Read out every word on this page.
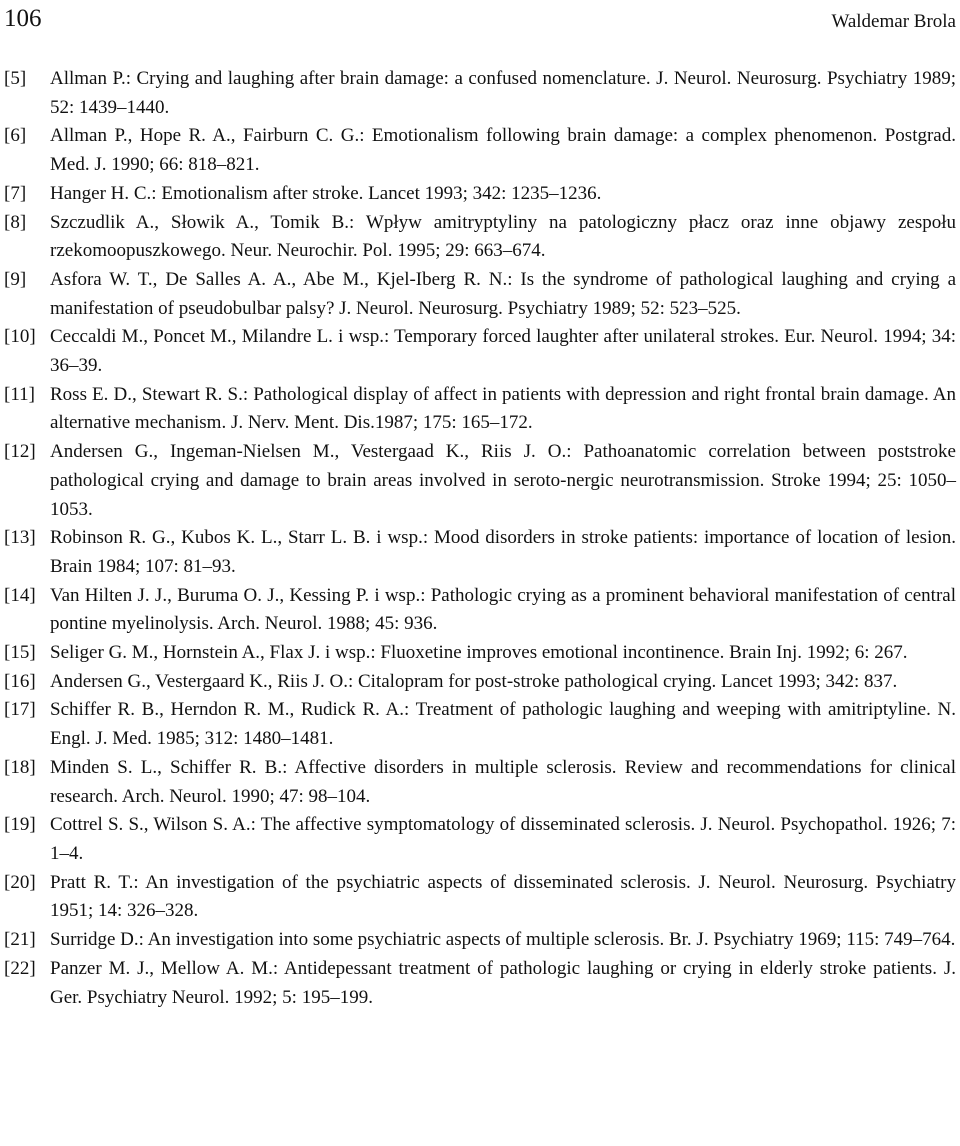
106	Waldemar Brola
[5] Allman P.: Crying and laughing after brain damage: a confused nomenclature. J. Neurol. Neurosurg. Psychiatry 1989; 52: 1439–1440.
[6] Allman P., Hope R. A., Fairburn C. G.: Emotionalism following brain damage: a complex phenomenon. Postgrad. Med. J. 1990; 66: 818–821.
[7] Hanger H. C.: Emotionalism after stroke. Lancet 1993; 342: 1235–1236.
[8] Szczudlik A., Słowik A., Tomik B.: Wpływ amitryptyliny na patologiczny płacz oraz inne objawy zespołu rzekomoopuszkowego. Neur. Neurochir. Pol. 1995; 29: 663–674.
[9] Asfora W. T., De Salles A. A., Abe M., Kjel-Iberg R. N.: Is the syndrome of pathological laughing and crying a manifestation of pseudobulbar palsy? J. Neurol. Neurosurg. Psychiatry 1989; 52: 523–525.
[10] Ceccaldi M., Poncet M., Milandre L. i wsp.: Temporary forced laughter after unilateral strokes. Eur. Neurol. 1994; 34: 36–39.
[11] Ross E. D., Stewart R. S.: Pathological display of affect in patients with depression and right frontal brain damage. An alternative mechanism. J. Nerv. Ment. Dis.1987; 175: 165–172.
[12] Andersen G., Ingeman-Nielsen M., Vestergaad K., Riis J. O.: Pathoanatomic correlation between poststroke pathological crying and damage to brain areas involved in seroto-nergic neurotransmission. Stroke 1994; 25: 1050–1053.
[13] Robinson R. G., Kubos K. L., Starr L. B. i wsp.: Mood disorders in stroke patients: importance of location of lesion. Brain 1984; 107: 81–93.
[14] Van Hilten J. J., Buruma O. J., Kessing P. i wsp.: Pathologic crying as a prominent behavioral manifestation of central pontine myelinolysis. Arch. Neurol. 1988; 45: 936.
[15] Seliger G. M., Hornstein A., Flax J. i wsp.: Fluoxetine improves emotional incontinence. Brain Inj. 1992; 6: 267.
[16] Andersen G., Vestergaard K., Riis J. O.: Citalopram for post-stroke pathological crying. Lancet 1993; 342: 837.
[17] Schiffer R. B., Herndon R. M., Rudick R. A.: Treatment of pathologic laughing and weeping with amitriptyline. N. Engl. J. Med. 1985; 312: 1480–1481.
[18] Minden S. L., Schiffer R. B.: Affective disorders in multiple sclerosis. Review and recommendations for clinical research. Arch. Neurol. 1990; 47: 98–104.
[19] Cottrel S. S., Wilson S. A.: The affective symptomatology of disseminated sclerosis. J. Neurol. Psychopathol. 1926; 7: 1–4.
[20] Pratt R. T.: An investigation of the psychiatric aspects of disseminated sclerosis. J. Neurol. Neurosurg. Psychiatry 1951; 14: 326–328.
[21] Surridge D.: An investigation into some psychiatric aspects of multiple sclerosis. Br. J. Psychiatry 1969; 115: 749–764.
[22] Panzer M. J., Mellow A. M.: Antidepessant treatment of pathologic laughing or crying in elderly stroke patients. J. Ger. Psychiatry Neurol. 1992; 5: 195–199.
